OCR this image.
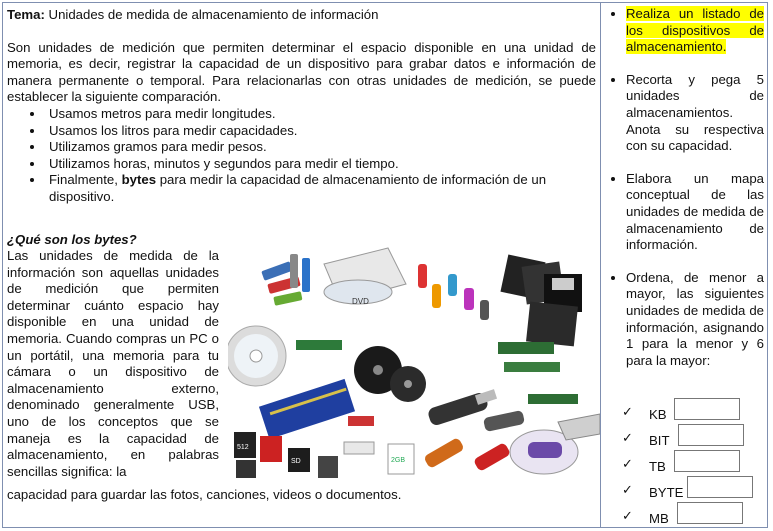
Tema: Unidades de medida de almacenamiento de información

Son unidades de medición que permiten determinar el espacio disponible en una unidad de memoria, es decir, registrar la capacidad de un dispositivo para grabar datos e información de manera permanente o temporal. Para relacionarlas con otras unidades de medición, se puede establecer la siguiente comparación.

• Usamos metros para medir longitudes.
• Usamos los litros para medir capacidades.
• Utilizamos gramos para medir pesos.
• Utilizamos horas, minutos y segundos para medir el tiempo.
• Finalmente, bytes para medir la capacidad de almacenamiento de información de un dispositivo.
¿Qué son los bytes?
Las unidades de medida de la información son aquellas unidades de medición que permiten determinar cuánto espacio hay disponible en una unidad de memoria. Cuando compras un PC o un portátil, una memoria para tu cámara o un dispositivo de almacenamiento externo, denominado generalmente USB, uno de los conceptos que se maneja es la capacidad de almacenamiento, en palabras sencillas significa: la
capacidad para guardar las fotos, canciones, videos o documentos.
DVD
512
SD	2GB
• Realiza un listado de los dispositivos de almacenamiento.
• Recorta y pega 5 unidades de almacenamientos. Anota su respectiva con su capacidad.
• Elabora un mapa conceptual de las unidades de medida de almacenamiento de información.
• Ordena, de menor a mayor, las siguientes unidades de medida de información, asignando 1 para la menor y 6 para la mayor:
✓ KB
✓ BIT
✓ TB
✓ BYTE
✓ MB
